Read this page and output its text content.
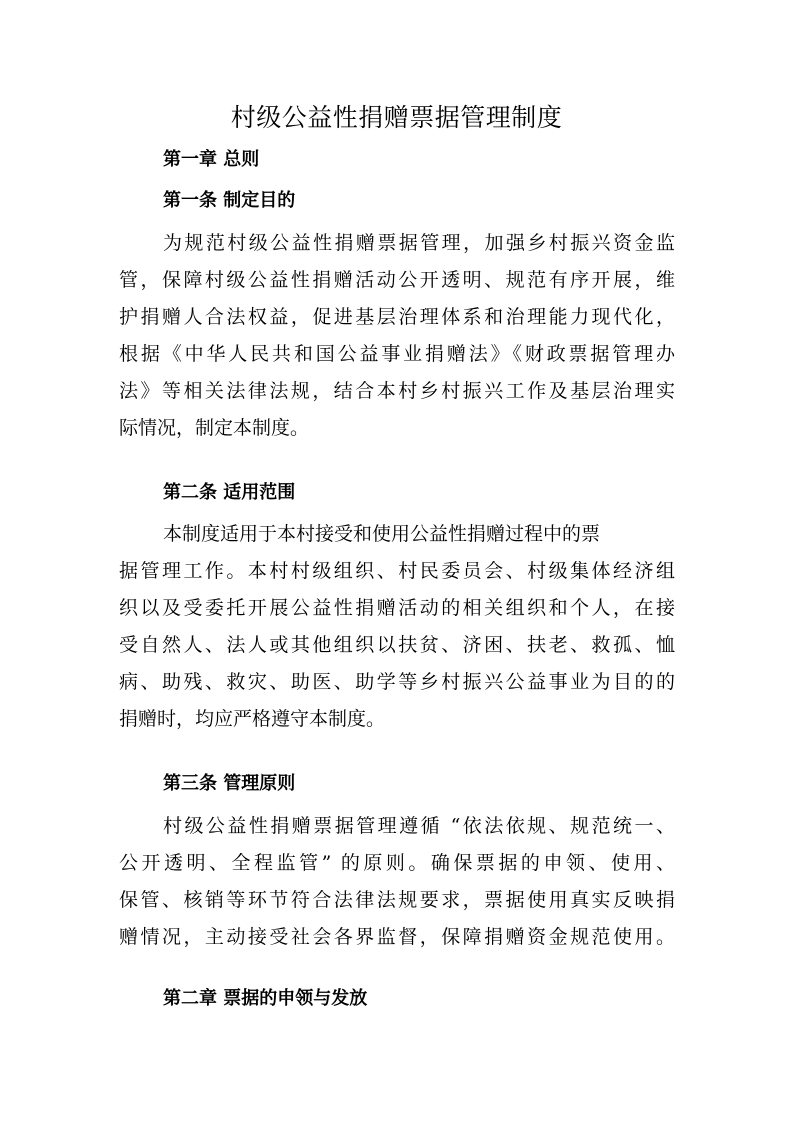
村级公益性捐赠票据管理制度
第一章 总则
第一条 制定目的
为规范村级公益性捐赠票据管理，加强乡村振兴资金监
管，保障村级公益性捐赠活动公开透明、规范有序开展，维
护捐赠人合法权益，促进基层治理体系和治理能力现代化，
根据《中华人民共和国公益事业捐赠法》《财政票据管理办
法》等相关法律法规，结合本村乡村振兴工作及基层治理实
际情况，制定本制度。
第二条 适用范围
本制度适用于本村接受和使用公益性捐赠过程中的票
据管理工作。本村村级组织、村民委员会、村级集体经济组
织以及受委托开展公益性捐赠活动的相关组织和个人，在接
受自然人、法人或其他组织以扶贫、济困、扶老、救孤、恤
病、助残、救灾、助医、助学等乡村振兴公益事业为目的的
捐赠时，均应严格遵守本制度。
第三条 管理原则
村级公益性捐赠票据管理遵循 “依法依规、规范统一、
公开透明、全程监管” 的原则。确保票据的申领、使用、
保管、核销等环节符合法律法规要求，票据使用真实反映捐
赠情况，主动接受社会各界监督，保障捐赠资金规范使用。
第二章 票据的申领与发放
